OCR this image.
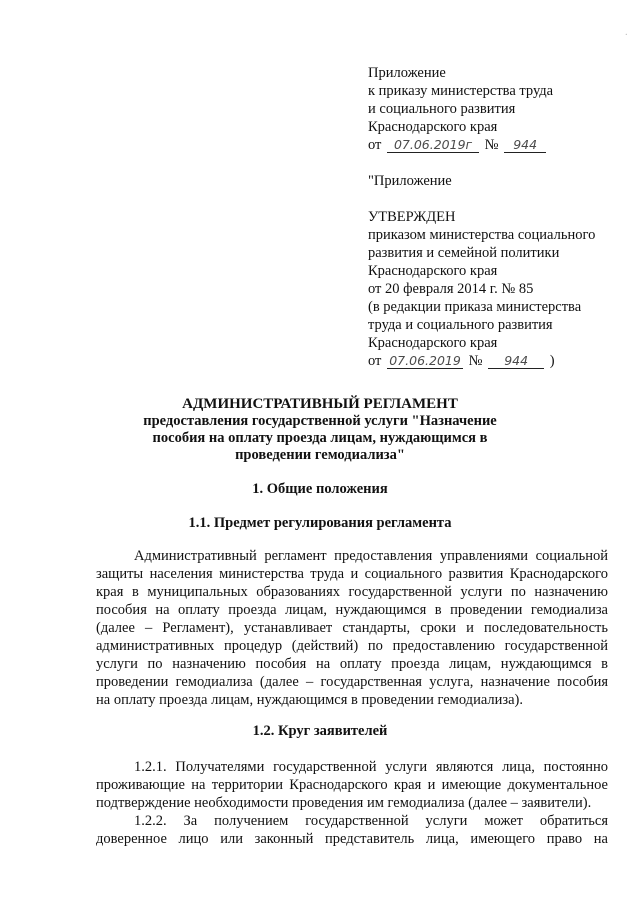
·
Приложение
к приказу министерства труда
и социального развития
Краснодарского края
от 07.06.2019г № 944
"Приложение
УТВЕРЖДЕН
приказом министерства социального
развития и семейной политики
Краснодарского края
от 20 февраля 2014 г. № 85
(в редакции приказа министерства
труда и социального развития
Краснодарского края
от 07.06.2019 № 944 )
АДМИНИСТРАТИВНЫЙ РЕГЛАМЕНТ
предоставления государственной услуги "Назначение
пособия на оплату проезда лицам, нуждающимся в
проведении гемодиализа"
1. Общие положения
1.1. Предмет регулирования регламента
Административный регламент предоставления управлениями социальной
защиты населения министерства труда и социального развития Краснодарского
края в муниципальных образованиях государственной услуги по назначению
пособия на оплату проезда лицам, нуждающимся в проведении гемодиализа
(далее – Регламент), устанавливает стандарты, сроки и последовательность
административных процедур (действий) по предоставлению государственной
услуги по назначению пособия на оплату проезда лицам, нуждающимся в
проведении гемодиализа (далее – государственная услуга, назначение пособия
на оплату проезда лицам, нуждающимся в проведении гемодиализа).
1.2. Круг заявителей
1.2.1. Получателями государственной услуги являются лица, постоянно
проживающие на территории Краснодарского края и имеющие документальное
подтверждение необходимости проведения им гемодиализа (далее – заявители).
1.2.2. За получением государственной услуги может обратиться
доверенное лицо или законный представитель лица, имеющего право на
